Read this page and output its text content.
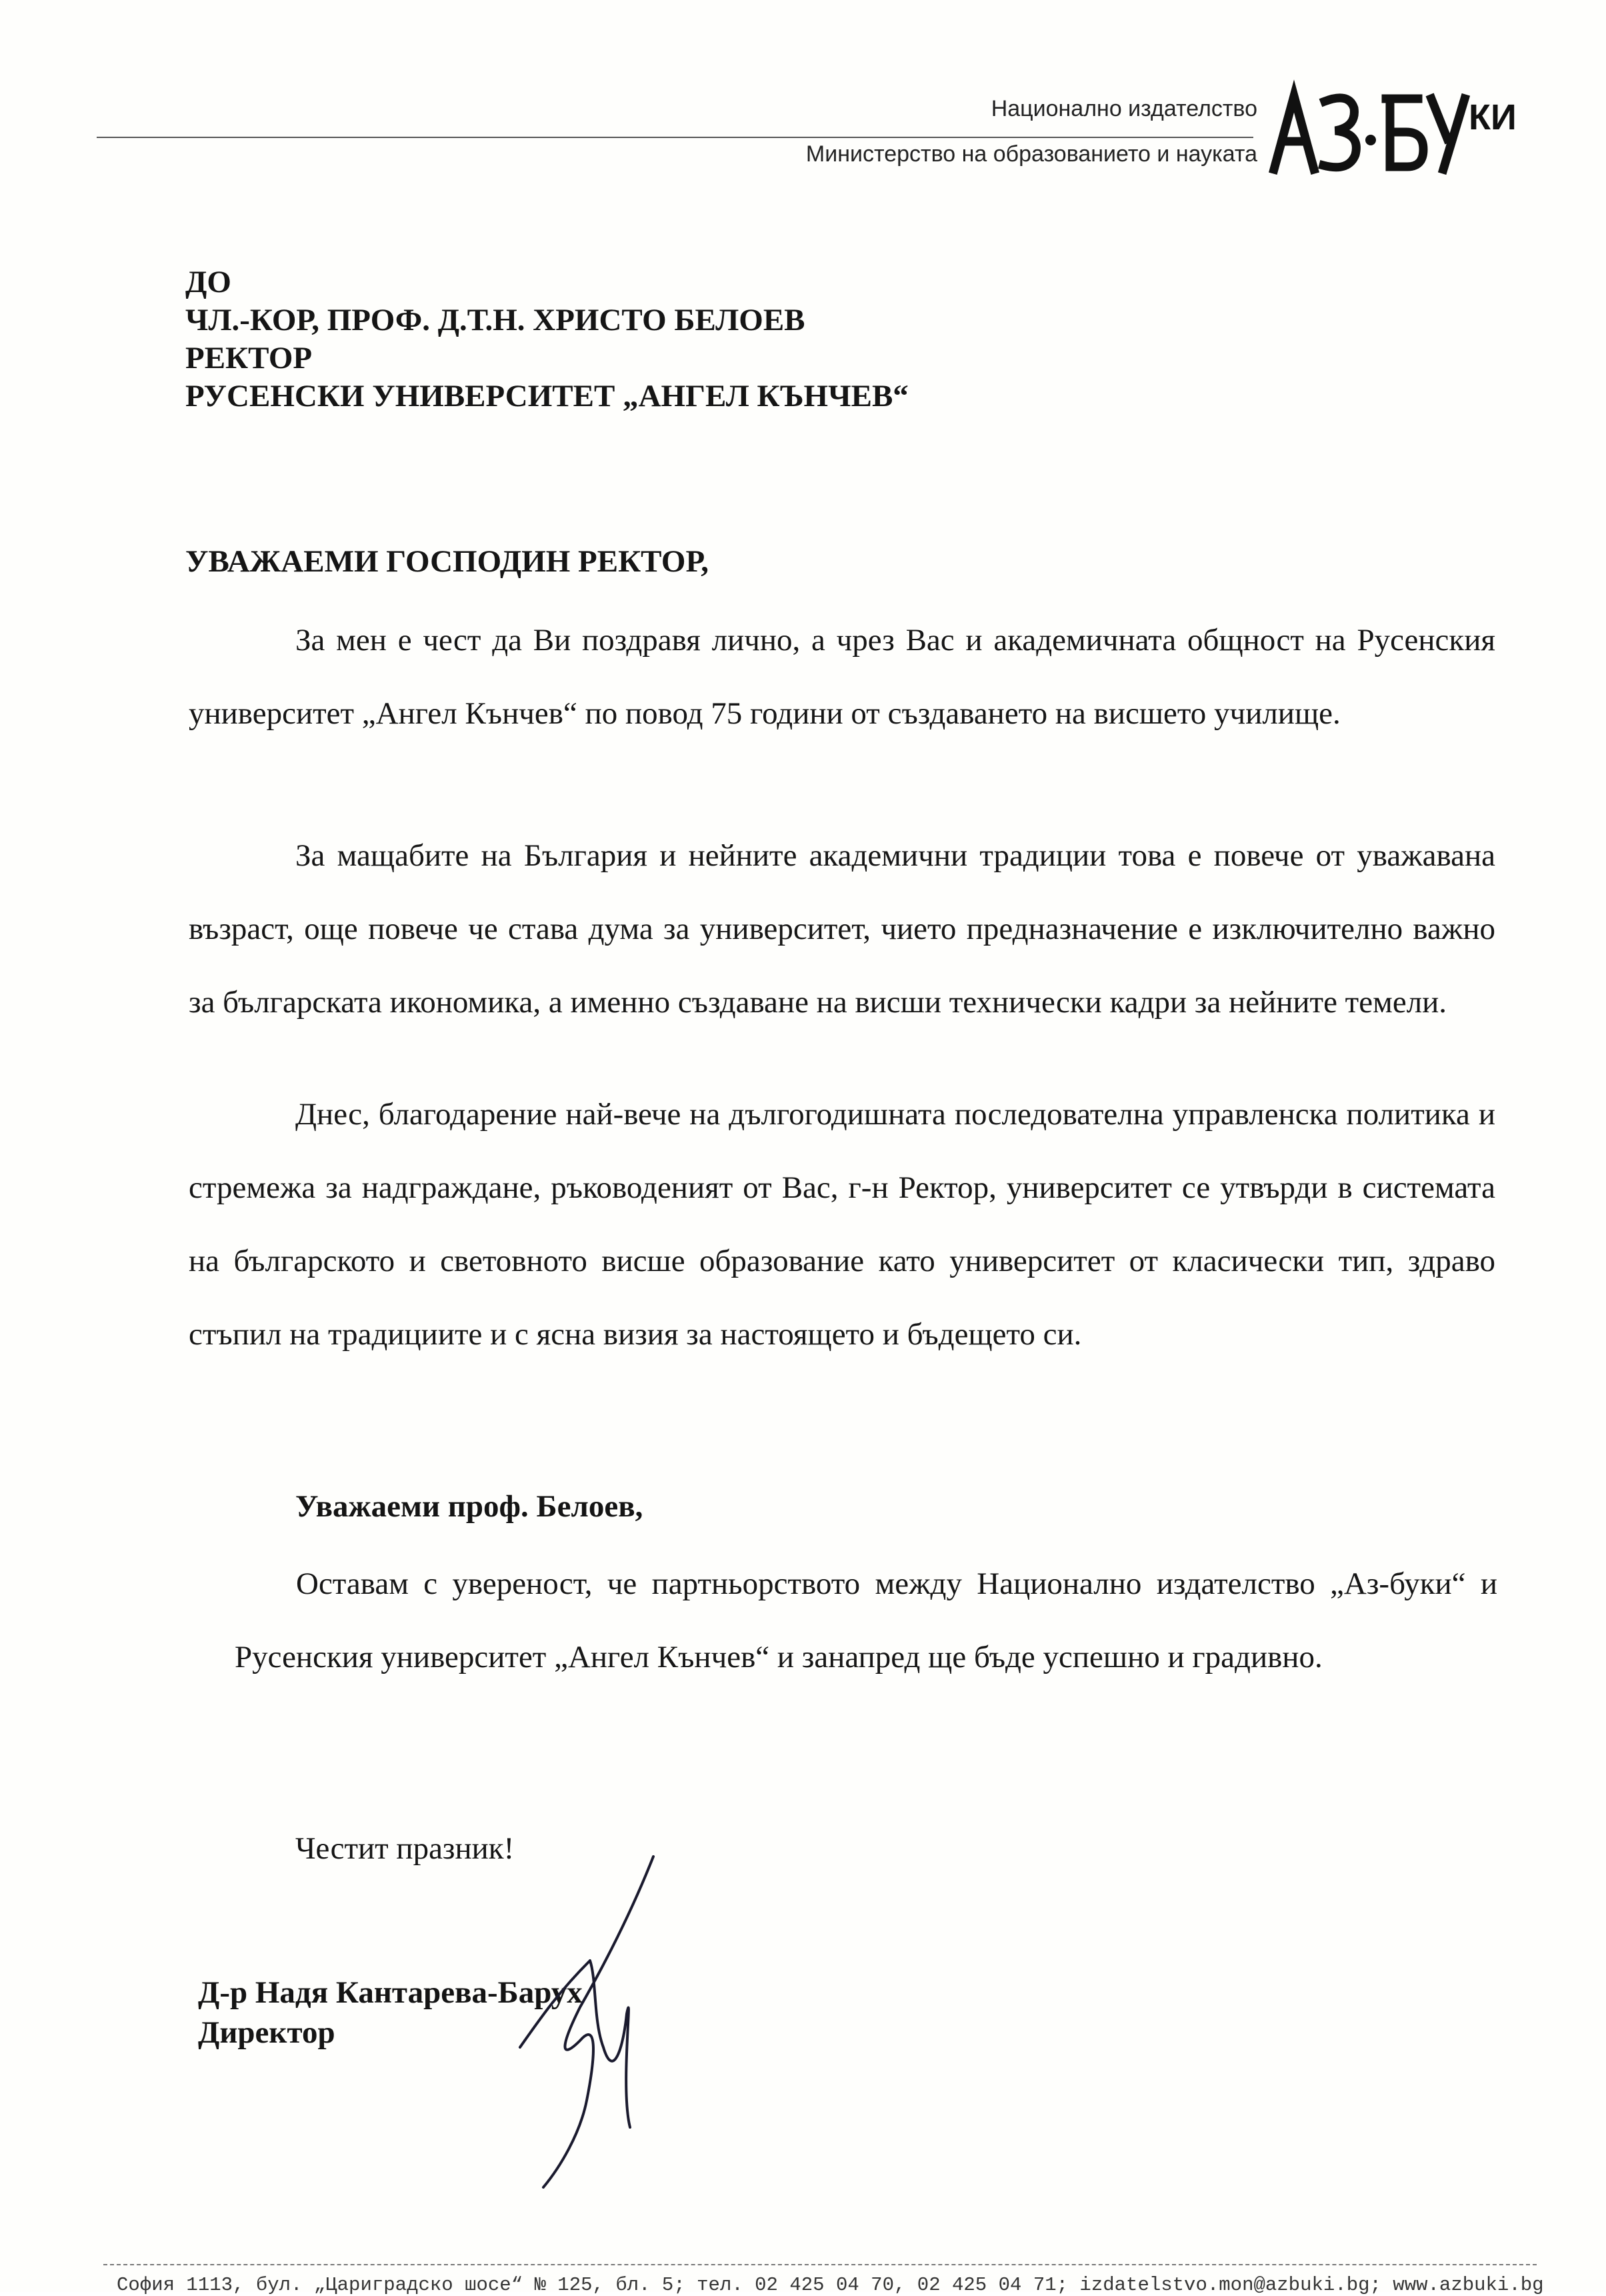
Национално издателство
Министерство на образованието и науката
КИ
ДО
ЧЛ.-КОР, ПРОФ. Д.Т.Н. ХРИСТО БЕЛОЕВ
РЕКТОР
РУСЕНСКИ УНИВЕРСИТЕТ „АНГЕЛ КЪНЧЕВ“
УВАЖАЕМИ ГОСПОДИН РЕКТОР,
За мен е чест да Ви поздравя лично, а чрез Вас и академичната общност на Русенския университет „Ангел Кънчев“ по повод 75 години от създаването на висшето училище.
За мащабите на България и нейните академични традиции това е повече от уважавана възраст, още повече че става дума за университет, чието предназначение е изключително важно за българската икономика, а именно създаване на висши технически кадри за нейните темели.
Днес, благодарение най-вече на дългогодишната последователна управленска политика и стремежа за надграждане, ръководеният от Вас, г-н Ректор, университет се утвърди в системата на българското и световното висше образование като университет от класически тип, здраво стъпил на традициите и с ясна визия за настоящето и бъдещето си.
Уважаеми проф. Белоев,
Оставам с увереност, че партньорството между Национално издателство „Аз-буки“ и Русенския университет „Ангел Кънчев“ и занапред ще бъде успешно и градивно.
Честит празник!
Д-р Надя Кантарева-Барух
Директор
София 1113, бул. „Цариградско шосе“ № 125, бл. 5; тел. 02 425 04 70, 02 425 04 71; izdatelstvo.mon@azbuki.bg; www.azbuki.bg
